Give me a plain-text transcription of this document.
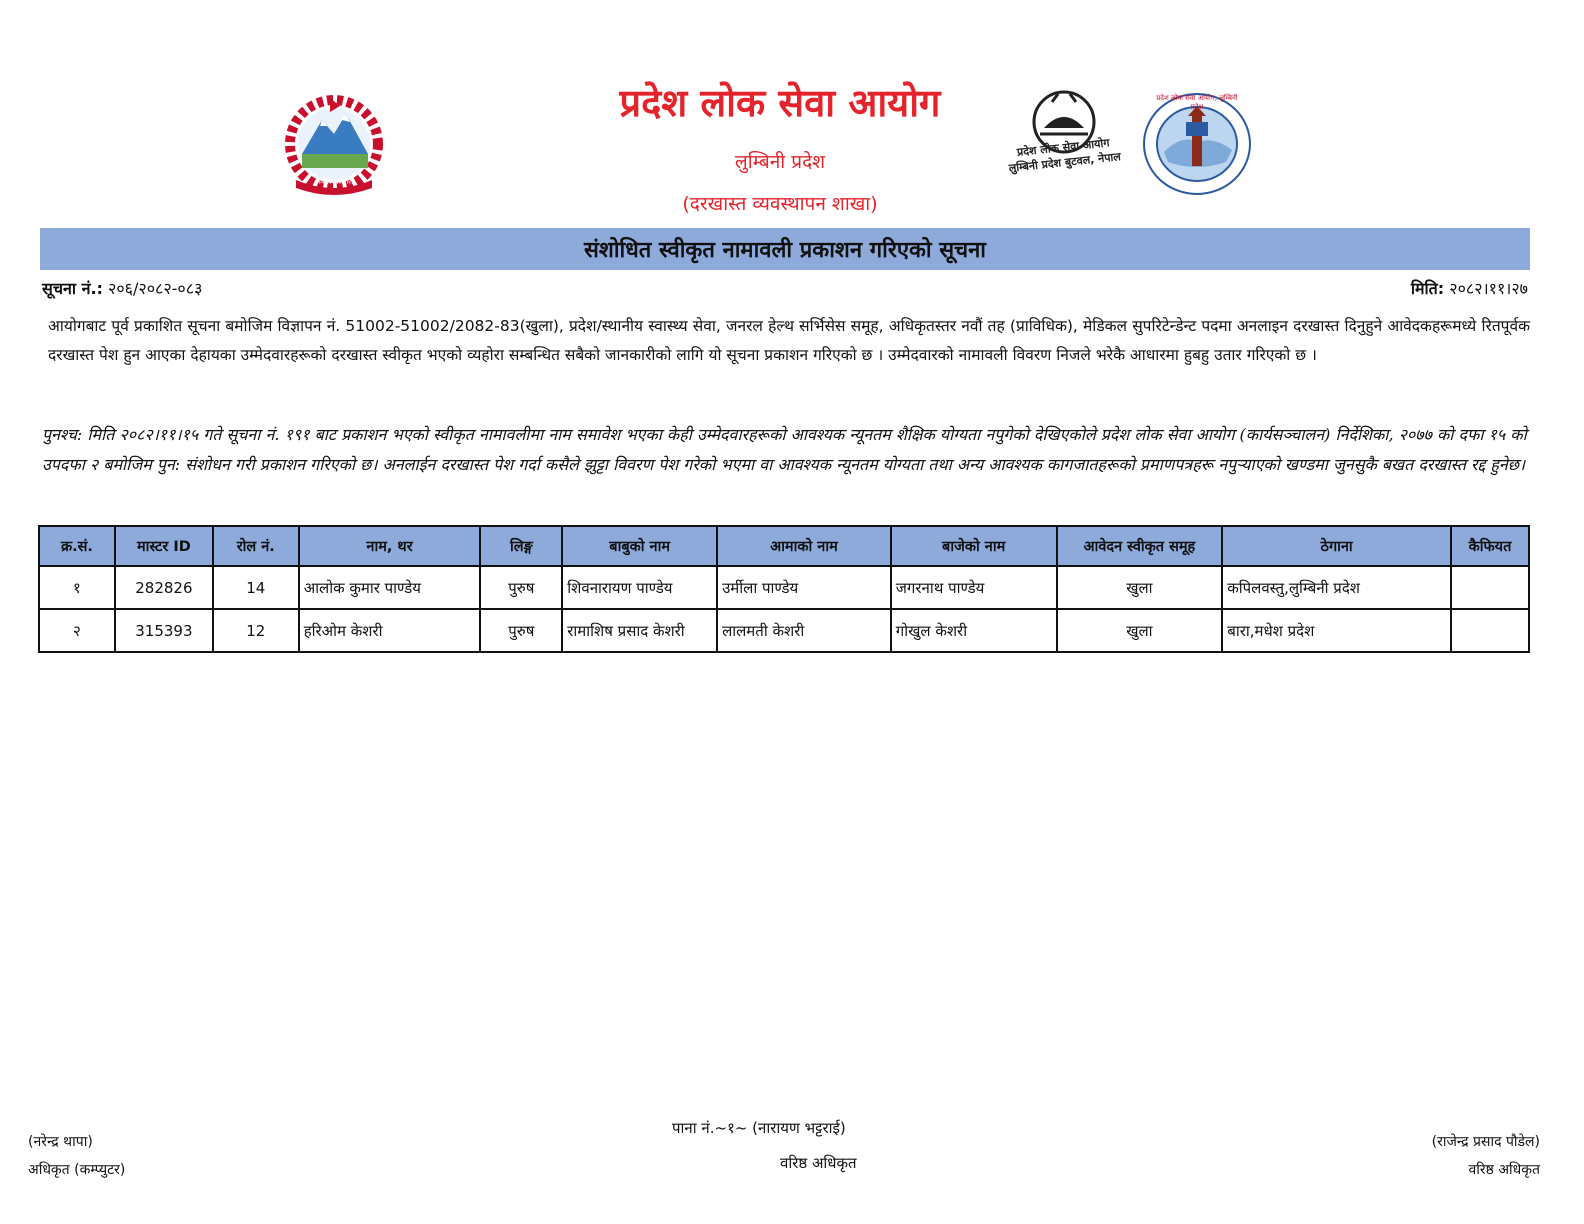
नेपाल सरकार
प्रदेश लोक सेवा आयोग लुम्बिनी प्रदेश बुटवल, नेपाल
प्रदेश लोक सेवा आयोग, लुम्बिनी प्रदेश
प्रदेश लोक सेवा आयोग
लुम्बिनी प्रदेश
(दरखास्त व्यवस्थापन शाखा)
संशोधित स्वीकृत नामावली प्रकाशन गरिएको सूचना
सूचना नं.: २०६/२०८२-०८३	मिति: २०८२।११।२७
आयोगबाट पूर्व प्रकाशित सूचना बमोजिम विज्ञापन नं. 51002-51002/2082-83(खुला), प्रदेश/स्थानीय स्वास्थ्य सेवा, जनरल हेल्थ सर्भिसेस समूह, अधिकृतस्तर नवौं तह (प्राविधिक), मेडिकल सुपरिटेन्डेन्ट पदमा अनलाइन दरखास्त दिनुहुने आवेदकहरूमध्ये रितपूर्वक दरखास्त पेश हुन आएका देहायका उम्मेदवारहरूको दरखास्त स्वीकृत भएको व्यहोरा सम्बन्धित सबैको जानकारीको लागि यो सूचना प्रकाशन गरिएको छ । उम्मेदवारको नामावली विवरण निजले भरेकै आधारमा हुबहु उतार गरिएको छ ।
पुनश्च: मिति २०८२।११।१५ गते सूचना नं. १९१ बाट प्रकाशन भएको स्वीकृत नामावलीमा नाम समावेश भएका केही उम्मेदवारहरूको आवश्यक न्यूनतम शैक्षिक योग्यता नपुगेको देखिएकोले प्रदेश लोक सेवा आयोग (कार्यसञ्चालन) निर्देशिका, २०७७ को दफा १५ को उपदफा २ बमोजिम पुन: संशोधन गरी प्रकाशन गरिएको छ। अनलाईन दरखास्त पेश गर्दा कसैले झुट्टा विवरण पेश गरेको भएमा वा आवश्यक न्यूनतम योग्यता तथा अन्य आवश्यक कागजातहरूको प्रमाणपत्रहरू नपुऱ्याएको खण्डमा जुनसुकै बखत दरखास्त रद्द हुनेछ।
क्र.सं.	मास्टर ID	रोल नं.	नाम, थर	लिङ्ग	बाबुको नाम	आमाको नाम	बाजेको नाम	आवेदन स्वीकृत समूह	ठेगाना	कैफियत
१	282826	14	आलोक कुमार पाण्डेय	पुरुष	शिवनारायण पाण्डेय	उर्मीला पाण्डेय	जगरनाथ पाण्डेय	खुला	कपिलवस्तु,लुम्बिनी प्रदेश	
२	315393	12	हरिओम केशरी	पुरुष	रामाशिष प्रसाद केशरी	लालमती केशरी	गोखुल केशरी	खुला	बारा,मधेश प्रदेश	
(नरेन्द्र थापा)
अधिकृत (कम्प्युटर)
पाना नं.~१~ (नारायण भट्टराई)
वरिष्ठ अधिकृत
(राजेन्द्र प्रसाद पौडेल)
वरिष्ठ अधिकृत
